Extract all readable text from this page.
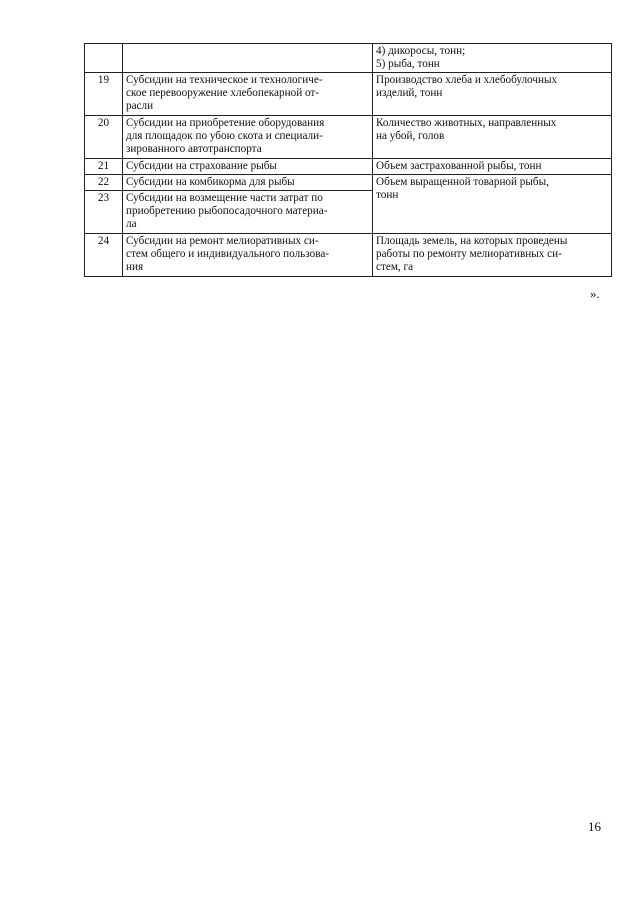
		4) дикоросы, тонн;
5) рыба, тонн

19	Субсидии на техническое и технологиче-
ское перевооружение хлебопекарной от-
расли	Производство хлеба и хлебобулочных
изделий, тонн

20	Субсидии на приобретение оборудования
для площадок по убою скота и специали-
зированного автотранспорта	Количество животных, направленных
на убой, голов

21	Субсидии на страхование рыбы	Объем застрахованной рыбы, тонн
22	Субсидии на комбикорма для рыбы	Объем выращенной товарной рыбы,
тонн

23	Субсидии на возмещение части затрат по
приобретению рыбопосадочного материа-
ла	

24	Субсидии на ремонт мелиоративных си-
стем общего и индивидуального пользова-
ния	Площадь земель, на которых проведены
работы по ремонту мелиоративных си-
стем, га
».
16
